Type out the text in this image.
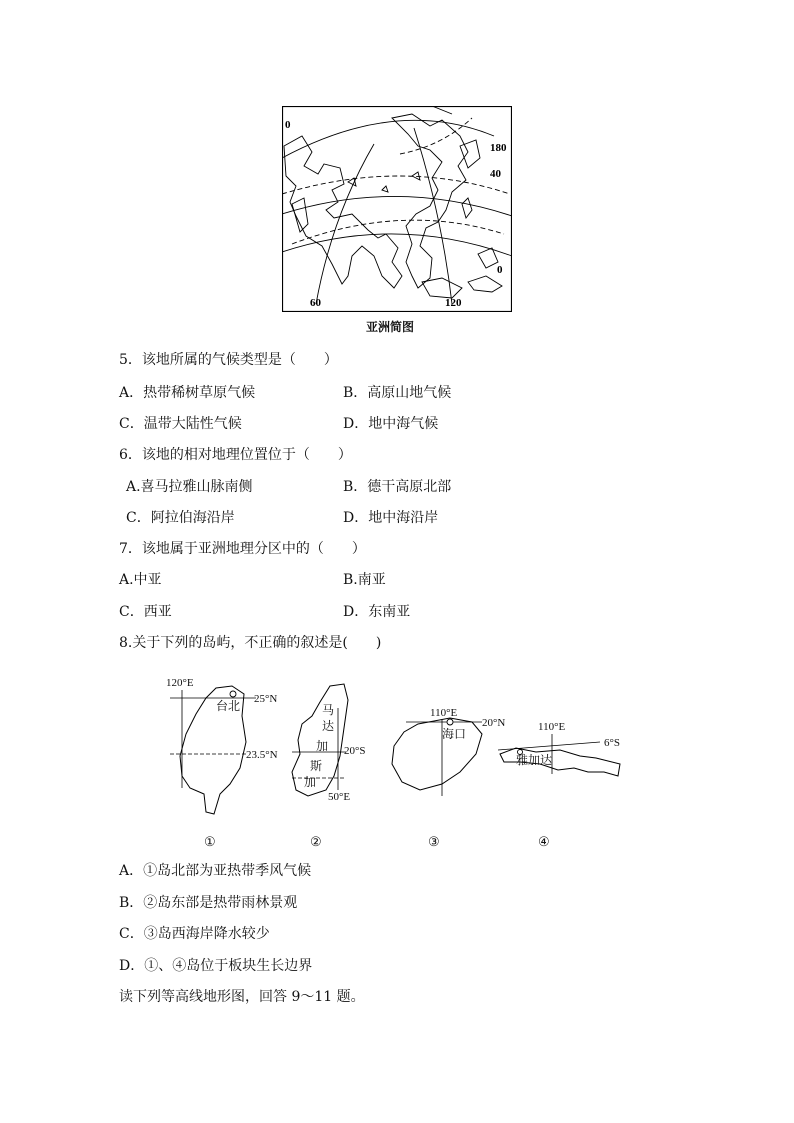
0
180
40
0
60	120
亚洲简图
5．该地所属的气候类型是（　　）
A．热带稀树草原气候	B．高原山地气候
C．温带大陆性气候	D．地中海气候
6．该地的相对地理位置位于（　　）
A.喜马拉雅山脉南侧	B．德干高原北部
C．阿拉伯海沿岸	D．地中海沿岸
7．该地属于亚洲地理分区中的（　　）
A.中亚	B.南亚
C．西亚	D．东南亚
8.关于下列的岛屿，不正确的叙述是(　　)
120°E
台北 25°N
23.5°N
①
马
达
加
斯
加
20°S
50°E
②
110°E
海口
20°N
③
110°E
雅加达
6°S
④
A．①岛北部为亚热带季风气候
B．②岛东部是热带雨林景观
C．③岛西海岸降水较少
D．①、④岛位于板块生长边界
读下列等高线地形图，回答 9～11 题。
